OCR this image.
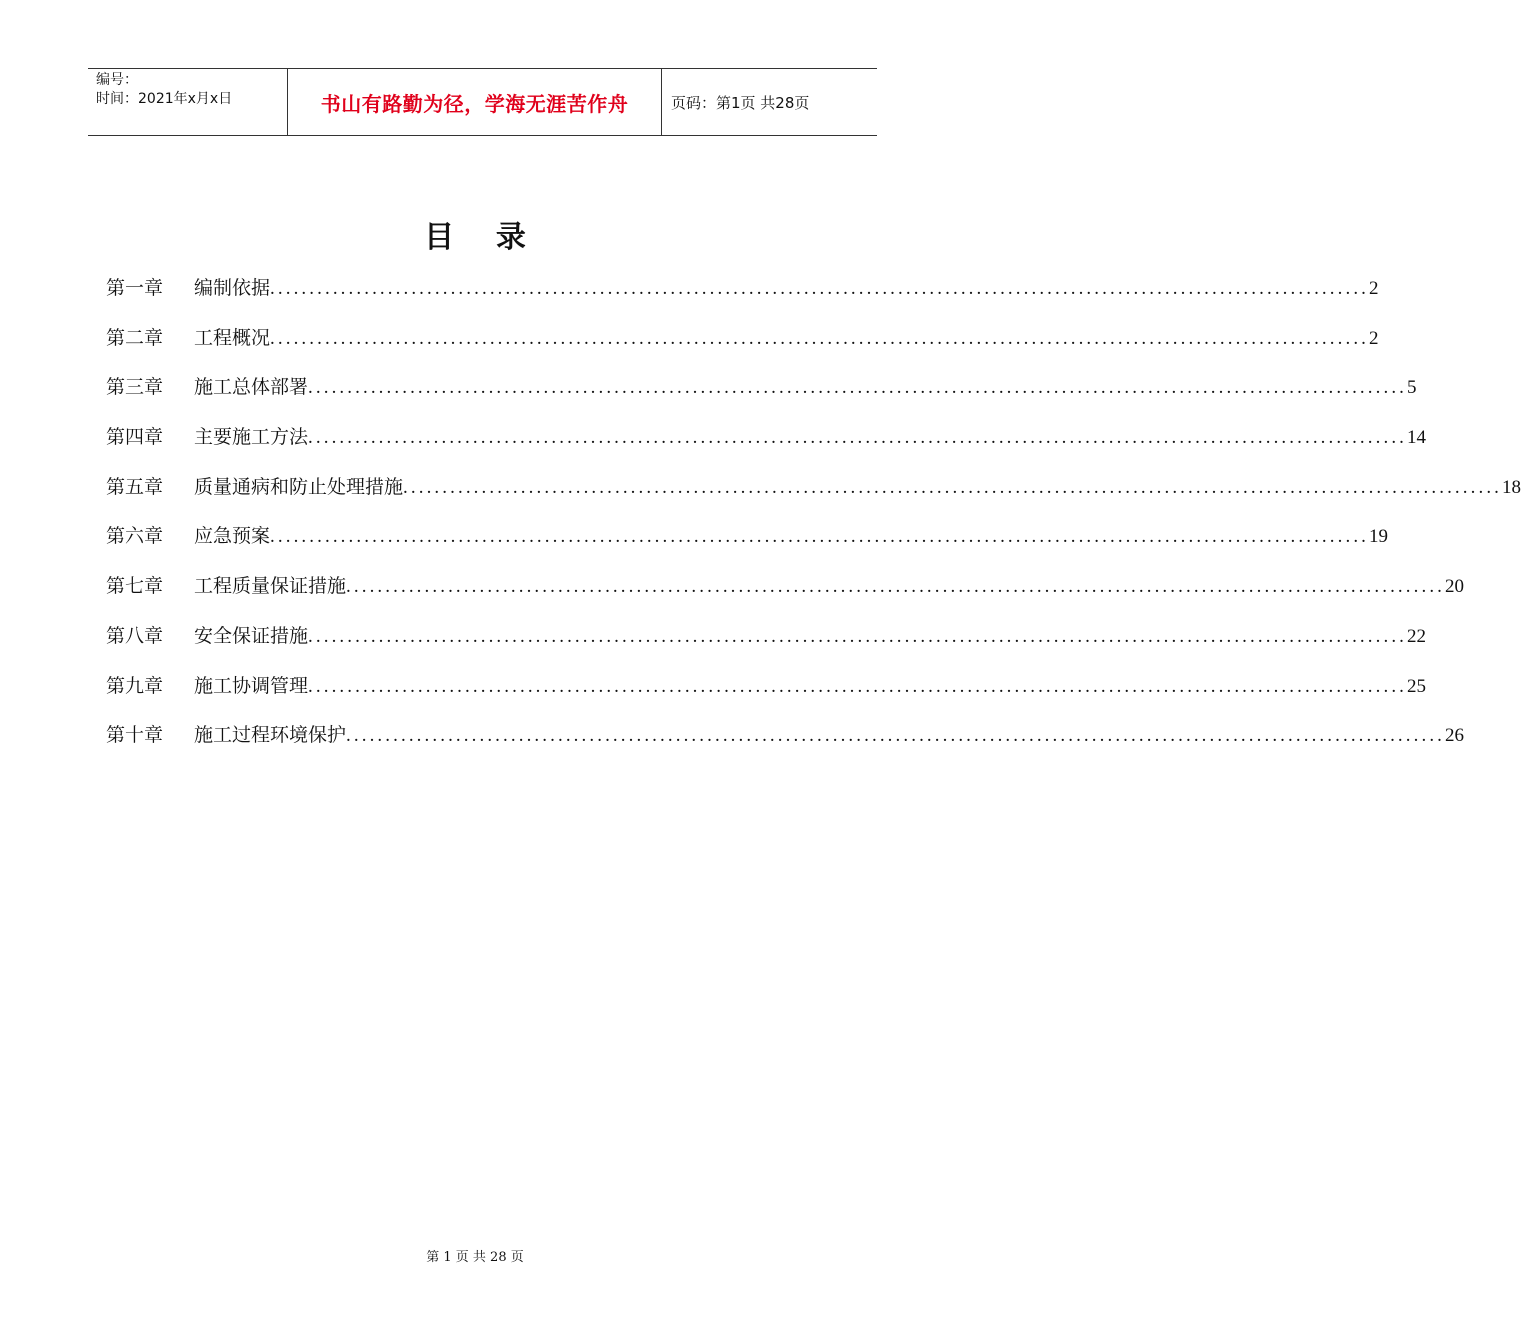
编号：
时间：2021年x月x日	书山有路勤为径，学海无涯苦作舟	页码：第1页 共28页
目    录
第一章	编制依据 ............................................................................................................................................ 2
第二章	工程概况 ............................................................................................................................................ 2
第三章	施工总体部署 ............................................................................................................................................ 5
第四章	主要施工方法 ............................................................................................................................................ 14
第五章	质量通病和防止处理措施 ............................................................................................................................................ 18
第六章	应急预案 ............................................................................................................................................ 19
第七章	工程质量保证措施 ............................................................................................................................................ 20
第八章	安全保证措施 ............................................................................................................................................ 22
第九章	施工协调管理 ............................................................................................................................................ 25
第十章	施工过程环境保护 ............................................................................................................................................ 26
第 1 页 共 28 页
